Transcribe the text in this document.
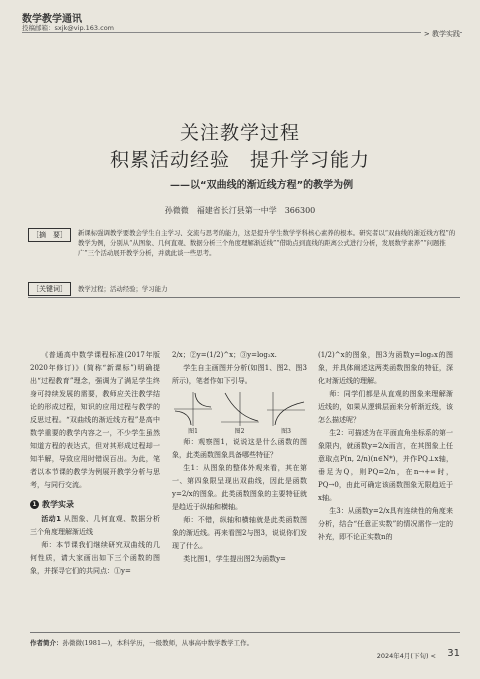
数学教学通讯
投稿邮箱：sxjk@vip.163.com
> 教学实践
关注教学过程
积累活动经验　提升学习能力
——以“双曲线的渐近线方程”的教学为例
孙微微　福建省长汀县第一中学　366300
［摘　要］	新课标强调教学要教会学生自主学习、交流与思考的能力，这是提升学生数学学科核心素养的根本。研究者以“双曲线的渐近线方程”的教学为例，分别从“从图象、几何直观、数据分析三个角度理解渐近线”“借助点到直线的距离公式进行分析，发展数学素养”“问题推广”三个活动展开教学分析，并就此谈一些思考。
［关键词］	教学过程；活动经验；学习能力

《普通高中数学课程标准(2017年版2020年修订)》(简称“新课标”)明确提出“过程教育”理念，强调为了满足学生终身可持续发展的需要，教师应关注教学结论的形成过程，知识的应用过程与教学的反思过程。“双曲线的渐近线方程”是高中数学重要的教学内容之一，不少学生虽然知道方程的表达式，但对其形成过程却一知半解，导致应用时错误百出。为此，笔者以本节课的教学为例展开教学分析与思考，与同行交流。

1 教学实录

活动1 从图象、几何直观、数据分析三个角度理解渐近线

师：本节课我们继续研究双曲线的几何性质，请大家画出如下三个函数的图象，并探寻它们的共同点：①y=

2/x；②y=(1/2)^x；③y=log₂x.

学生自主画图并分析(如图1、图2、图3所示)，笔者作如下引导。

图1	图2	图3

师：观察图1，说说这是什么函数的图象，此类函数图象具备哪些特征？

生1：从图象的整体外观来看，其在第一、第四象限呈现出双曲线，因此是函数y=2/x的图象。此类函数图象的主要特征就是趋近于纵轴和横轴。

师：不错，纵轴和横轴就是此类函数图象的渐近线。再来看图2与图3，说说你们发现了什么。

类比图1，学生提出图2为函数y=

(1/2)^x的图象，图3为函数y=log₂x的图象，并具体阐述这两类函数图象的特征，深化对渐近线的理解。

师：同学们都是从直观的图象来理解渐近线的，如果从逻辑层面来分析渐近线，该怎么描述呢？

生2：可描述为在平面直角坐标系的第一象限内，就函数y=2/x而言，在其图象上任意取点P(n, 2/n)(n∈N*)，并作PQ⊥x轴，垂足为Q，则PQ=2/n，在n→+∞时，PQ→0，由此可确定该函数图象无限趋近于x轴。

生3：从函数y=2/x具有连续性的角度来分析，结合“任意正实数”的情况需作一定的补充，即不论正实数n的

作者简介：孙微微(1981—)，本科学历，一级教师，从事高中数学教学工作。
2024年4月(下旬) < 31
